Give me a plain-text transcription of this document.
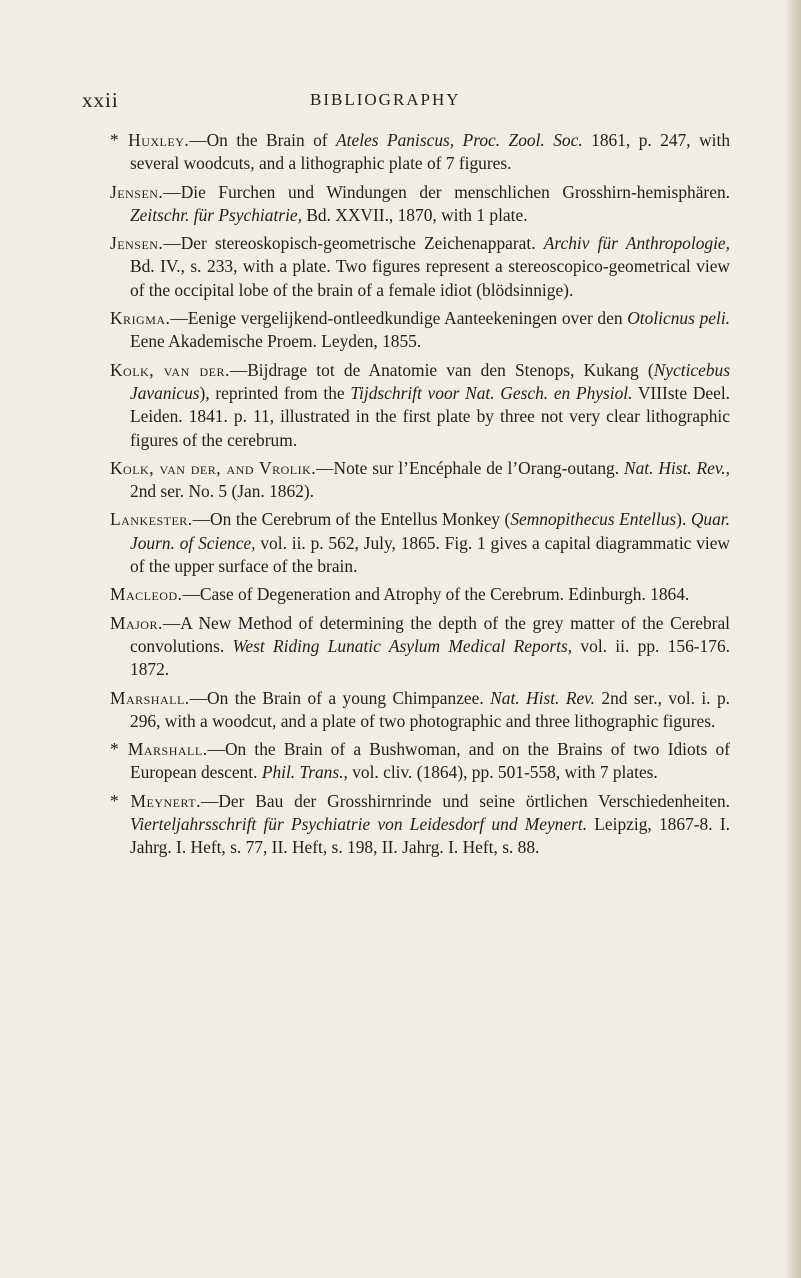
xxii	BIBLIOGRAPHY

* Huxley.—On the Brain of Ateles Paniscus, Proc. Zool. Soc. 1861, p. 247, with several woodcuts, and a lithographic plate of 7 figures.

Jensen.—Die Furchen und Windungen der menschlichen Grosshirn-hemisphären. Zeitschr. für Psychiatrie, Bd. XXVII., 1870, with 1 plate.

Jensen.—Der stereoskopisch-geometrische Zeichenapparat. Archiv für Anthropologie, Bd. IV., s. 233, with a plate. Two figures represent a stereoscopico-geometrical view of the occipital lobe of the brain of a female idiot (blödsinnige).

Krigma.—Eenige vergelijkend-ontleedkundige Aanteekeningen over den Otolicnus peli. Eene Akademische Proem. Leyden, 1855.

Kolk, van der.—Bijdrage tot de Anatomie van den Stenops, Kukang (Nycticebus Javanicus), reprinted from the Tijdschrift voor Nat. Gesch. en Physiol. VIIIste Deel. Leiden. 1841. p. 11, illustrated in the first plate by three not very clear lithographic figures of the cerebrum.

Kolk, van der, and Vrolik.—Note sur l’Encéphale de l’Orang-outang. Nat. Hist. Rev., 2nd ser. No. 5 (Jan. 1862).

Lankester.—On the Cerebrum of the Entellus Monkey (Semnopithecus Entellus). Quar. Journ. of Science, vol. ii. p. 562, July, 1865. Fig. 1 gives a capital diagrammatic view of the upper surface of the brain.

Macleod.—Case of Degeneration and Atrophy of the Cerebrum. Edinburgh. 1864.

Major.—A New Method of determining the depth of the grey matter of the Cerebral convolutions. West Riding Lunatic Asylum Medical Reports, vol. ii. pp. 156-176. 1872.

Marshall.—On the Brain of a young Chimpanzee. Nat. Hist. Rev. 2nd ser., vol. i. p. 296, with a woodcut, and a plate of two photographic and three lithographic figures.

* Marshall.—On the Brain of a Bushwoman, and on the Brains of two Idiots of European descent. Phil. Trans., vol. cliv. (1864), pp. 501-558, with 7 plates.

* Meynert.—Der Bau der Grosshirnrinde und seine örtlichen Verschiedenheiten. Vierteljahrsschrift für Psychiatrie von Leidesdorf und Meynert. Leipzig, 1867-8. I. Jahrg. I. Heft, s. 77, II. Heft, s. 198, II. Jahrg. I. Heft, s. 88.
